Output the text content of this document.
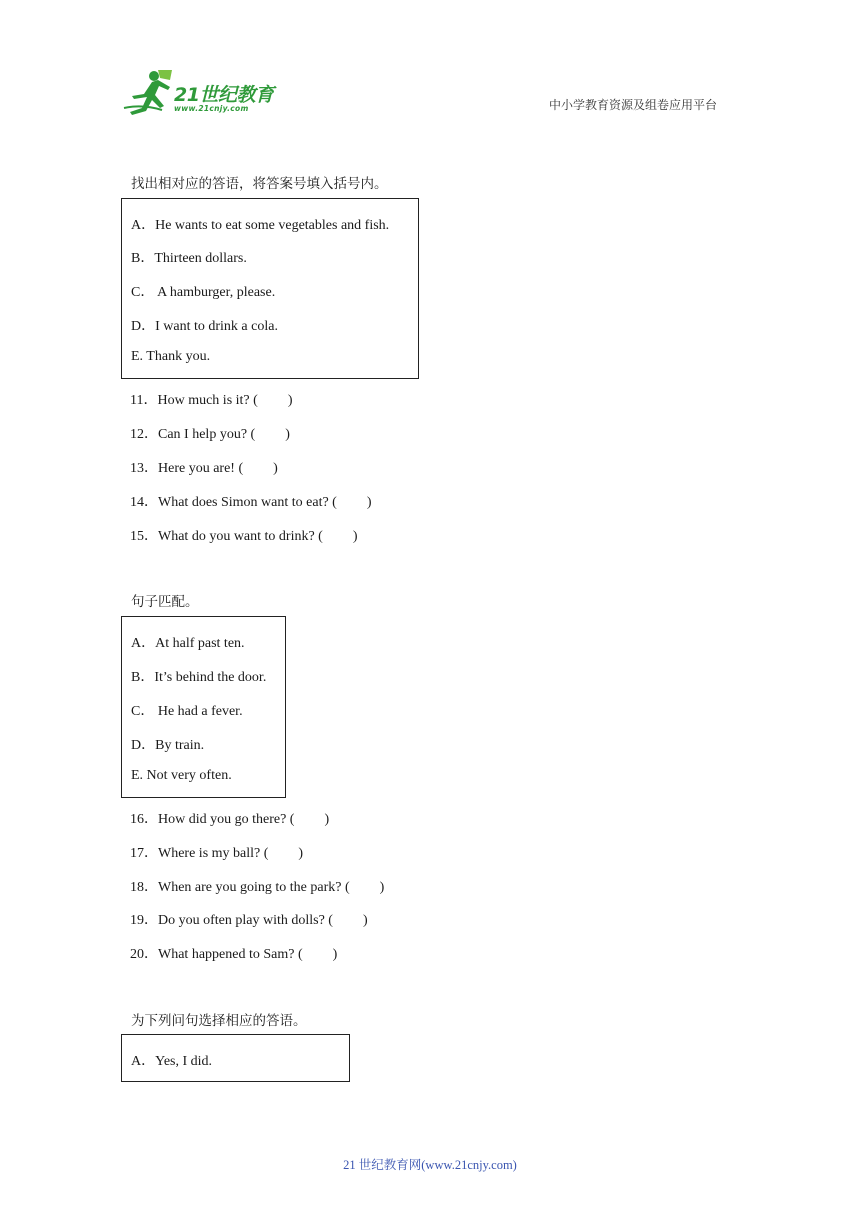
21世纪教育
www.21cnjy.com	中小学教育资源及组卷应用平台
找出相对应的答语，将答案号填入括号内。
A．He wants to eat some vegetables and fish.
B．Thirteen dollars.
C． A hamburger, please.
D．I want to drink a cola.
E. Thank you.
11．How much is it? ( )
12．Can I help you? ( )
13．Here you are! ( )
14．What does Simon want to eat? ( )
15．What do you want to drink? ( )
句子匹配。
A．At half past ten.
B．It’s behind the door.
C． He had a fever.
D．By train.
E. Not very often.
16．How did you go there? ( )
17．Where is my ball? ( )
18．When are you going to the park? ( )
19．Do you often play with dolls? ( )
20．What happened to Sam? ( )
为下列问句选择相应的答语。
A．Yes, I did.
21 世纪教育网(www.21cnjy.com)
